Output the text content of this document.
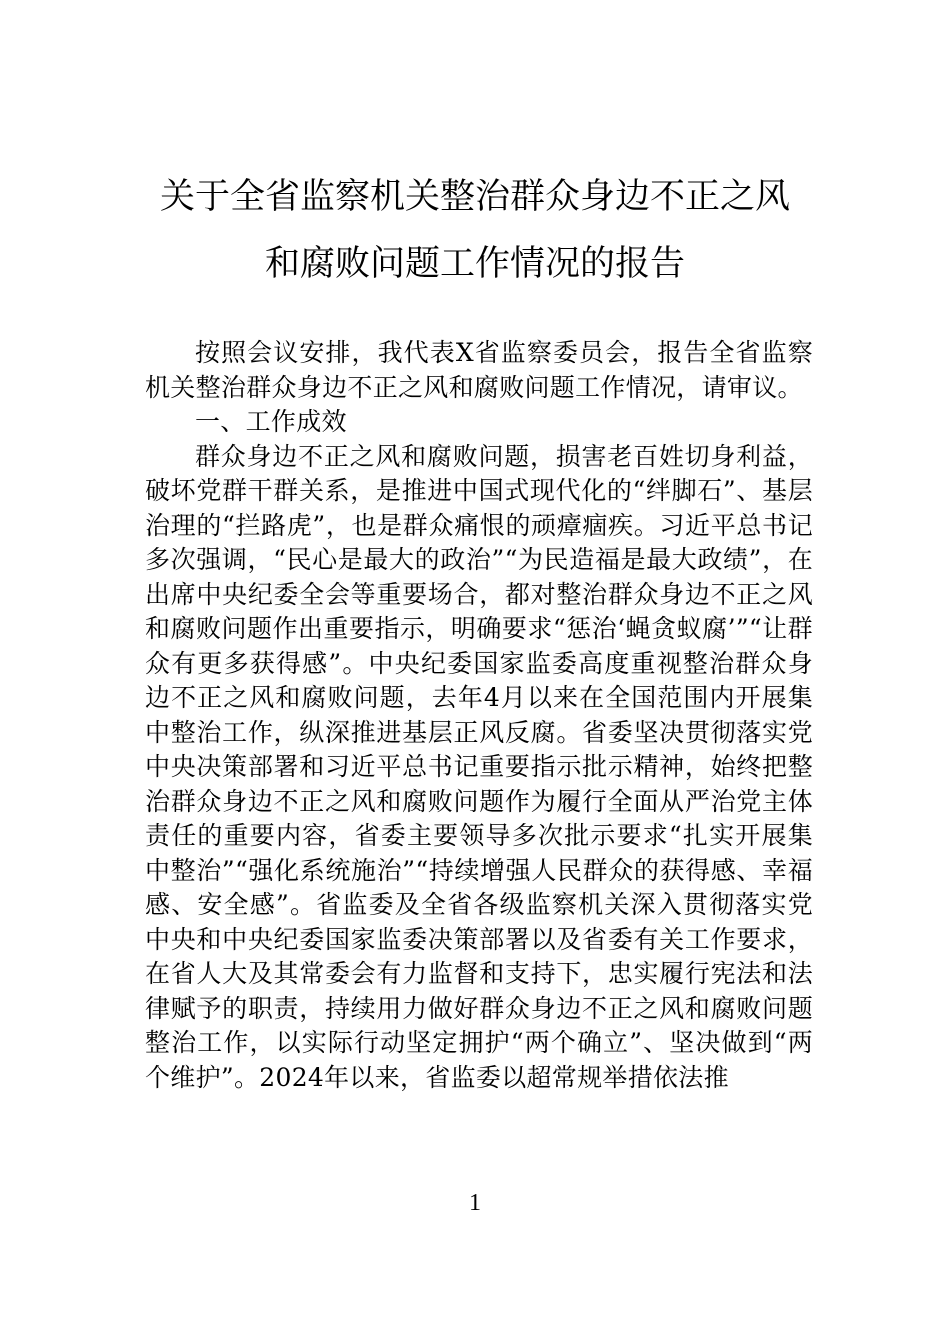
关于全省监察机关整治群众身边不正之风
和腐败问题工作情况的报告

按照会议安排，我代表X省监察委员会，报告全省监察机关整治群众身边不正之风和腐败问题工作情况，请审议。

一、工作成效

群众身边不正之风和腐败问题，损害老百姓切身利益，破坏党群干群关系，是推进中国式现代化的“绊脚石”、基层治理的“拦路虎”，也是群众痛恨的顽瘴痼疾。习近平总书记多次强调，“民心是最大的政治”“为民造福是最大政绩”，在出席中央纪委全会等重要场合，都对整治群众身边不正之风和腐败问题作出重要指示，明确要求“惩治‘蝇贪蚁腐’”“让群众有更多获得感”。中央纪委国家监委高度重视整治群众身边不正之风和腐败问题，去年4月以来在全国范围内开展集中整治工作，纵深推进基层正风反腐。省委坚决贯彻落实党中央决策部署和习近平总书记重要指示批示精神，始终把整治群众身边不正之风和腐败问题作为履行全面从严治党主体责任的重要内容，省委主要领导多次批示要求“扎实开展集中整治”“强化系统施治”“持续增强人民群众的获得感、幸福感、安全感”。省监委及全省各级监察机关深入贯彻落实党中央和中央纪委国家监委决策部署以及省委有关工作要求，在省人大及其常委会有力监督和支持下，忠实履行宪法和法律赋予的职责，持续用力做好群众身边不正之风和腐败问题整治工作，以实际行动坚定拥护“两个确立”、坚决做到“两个维护”。2024年以来，省监委以超常规举措依法推

1
